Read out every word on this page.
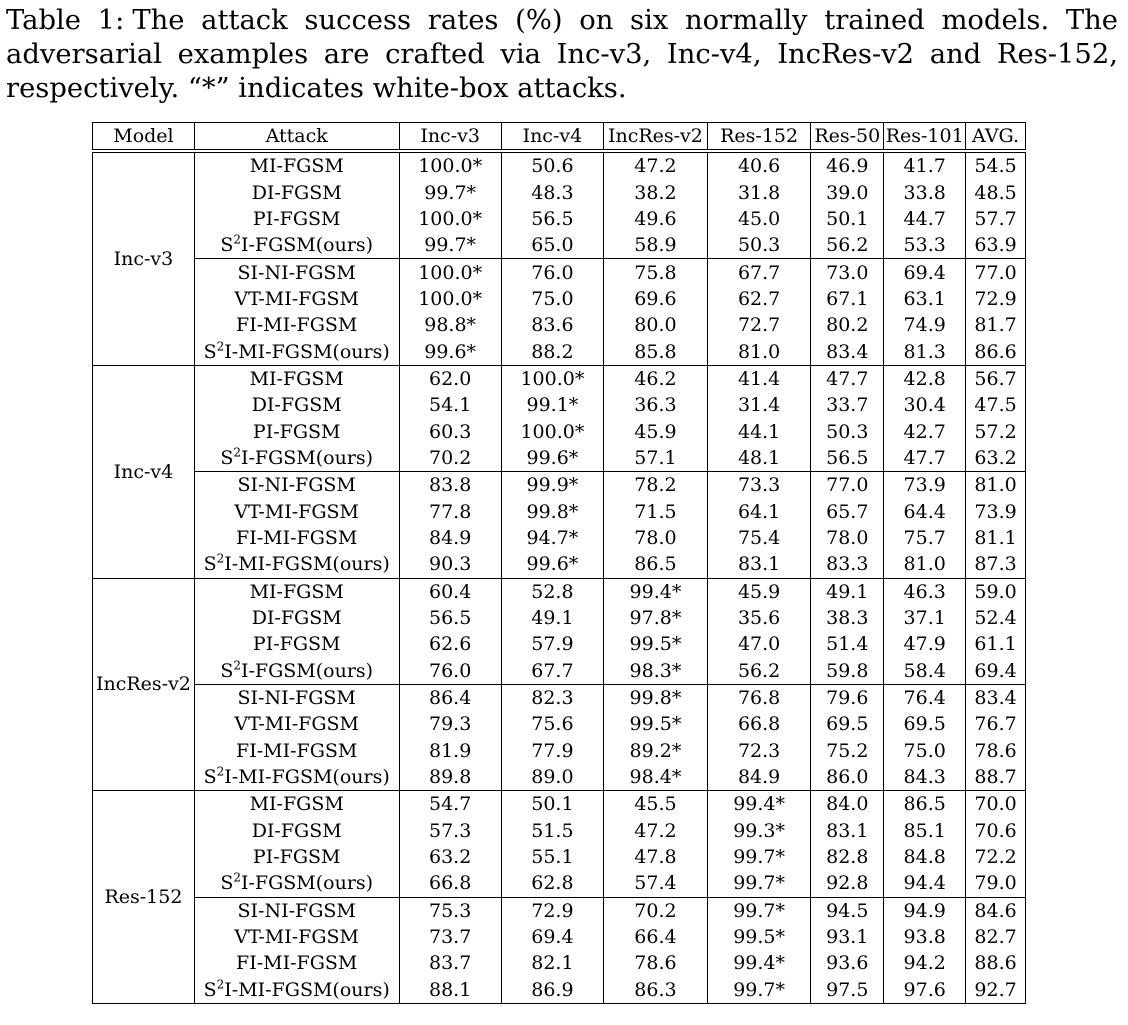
Table 1: The attack success rates (%) on six normally trained models. The adversarial examples are crafted via Inc-v3, Inc-v4, IncRes-v2 and Res-152, respectively. “*” indicates white-box attacks.

Model	Attack	Inc-v3	Inc-v4	IncRes-v2	Res-152	Res-50	Res-101	AVG.
Inc-v3	MI-FGSM	100.0*	50.6	47.2	40.6	46.9	41.7	54.5
	DI-FGSM	99.7*	48.3	38.2	31.8	39.0	33.8	48.5
	PI-FGSM	100.0*	56.5	49.6	45.0	50.1	44.7	57.7
	$S^2I-FGSM(ours)$	99.7*	65.0	58.9	50.3	56.2	53.3	63.9
	SI-NI-FGSM	100.0*	76.0	75.8	67.7	73.0	69.4	77.0
	VT-MI-FGSM	100.0*	75.0	69.6	62.7	67.1	63.1	72.9
	FI-MI-FGSM	98.8*	83.6	80.0	72.7	80.2	74.9	81.7
	$S^2I-MI-FGSM(ours)$	99.6*	88.2	85.8	81.0	83.4	81.3	86.6
Inc-v4	MI-FGSM	62.0	100.0*	46.2	41.4	47.7	42.8	56.7
	DI-FGSM	54.1	99.1*	36.3	31.4	33.7	30.4	47.5
	PI-FGSM	60.3	100.0*	45.9	44.1	50.3	42.7	57.2
	$S^2I-FGSM(ours)$	70.2	99.6*	57.1	48.1	56.5	47.7	63.2
	SI-NI-FGSM	83.8	99.9*	78.2	73.3	77.0	73.9	81.0
	VT-MI-FGSM	77.8	99.8*	71.5	64.1	65.7	64.4	73.9
	FI-MI-FGSM	84.9	94.7*	78.0	75.4	78.0	75.7	81.1
	$S^2I-MI-FGSM(ours)$	90.3	99.6*	86.5	83.1	83.3	81.0	87.3
IncRes-v2	MI-FGSM	60.4	52.8	99.4*	45.9	49.1	46.3	59.0
	DI-FGSM	56.5	49.1	97.8*	35.6	38.3	37.1	52.4
	PI-FGSM	62.6	57.9	99.5*	47.0	51.4	47.9	61.1
	$S^2I-FGSM(ours)$	76.0	67.7	98.3*	56.2	59.8	58.4	69.4
	SI-NI-FGSM	86.4	82.3	99.8*	76.8	79.6	76.4	83.4
	VT-MI-FGSM	79.3	75.6	99.5*	66.8	69.5	69.5	76.7
	FI-MI-FGSM	81.9	77.9	89.2*	72.3	75.2	75.0	78.6
	$S^2I-MI-FGSM(ours)$	89.8	89.0	98.4*	84.9	86.0	84.3	88.7
Res-152	MI-FGSM	54.7	50.1	45.5	99.4*	84.0	86.5	70.0
	DI-FGSM	57.3	51.5	47.2	99.3*	83.1	85.1	70.6
	PI-FGSM	63.2	55.1	47.8	99.7*	82.8	84.8	72.2
	$S^2I-FGSM(ours)$	66.8	62.8	57.4	99.7*	92.8	94.4	79.0
	SI-NI-FGSM	75.3	72.9	70.2	99.7*	94.5	94.9	84.6
	VT-MI-FGSM	73.7	69.4	66.4	99.5*	93.1	93.8	82.7
	FI-MI-FGSM	83.7	82.1	78.6	99.4*	93.6	94.2	88.6
	$S^2I-MI-FGSM(ours)$	88.1	86.9	86.3	99.7*	97.5	97.6	92.7
